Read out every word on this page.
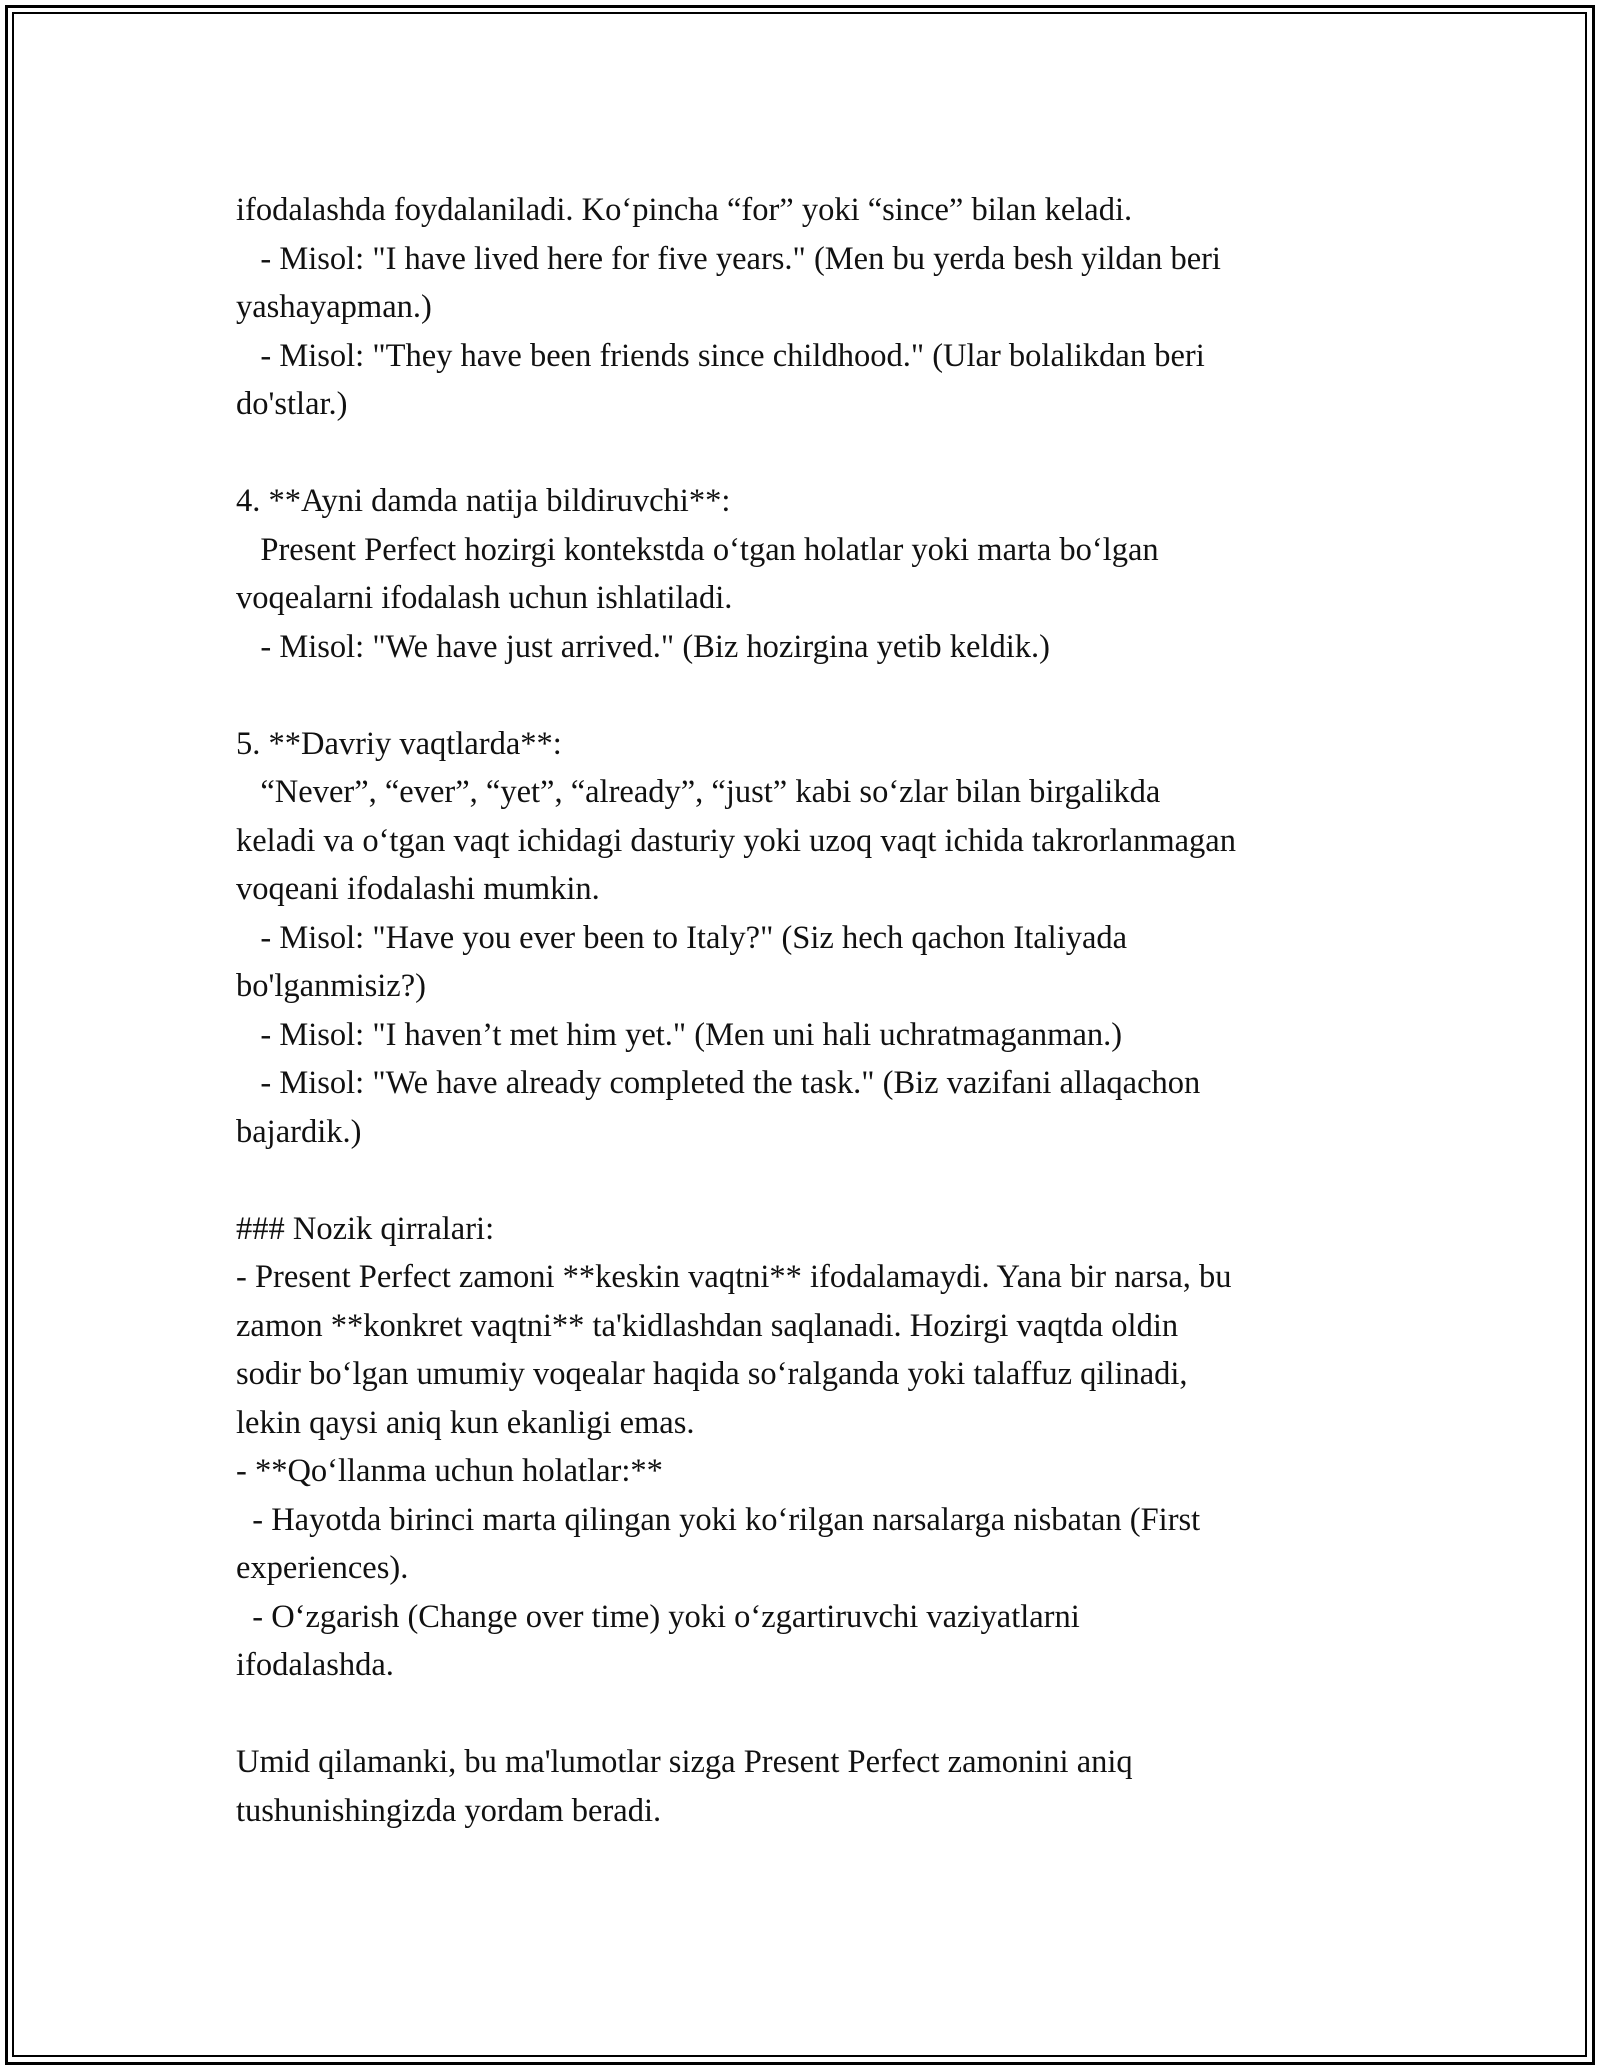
ifodalashda foydalaniladi. Ko‘pincha “for” yoki “since” bilan keladi.
- Misol: "I have lived here for five years." (Men bu yerda besh yildan beri
yashayapman.)
- Misol: "They have been friends since childhood." (Ular bolalikdan beri
do'stlar.)
4. **Ayni damda natija bildiruvchi**:
Present Perfect hozirgi kontekstda o‘tgan holatlar yoki marta bo‘lgan
voqealarni ifodalash uchun ishlatiladi.
- Misol: "We have just arrived." (Biz hozirgina yetib keldik.)
5. **Davriy vaqtlarda**:
“Never”, “ever”, “yet”, “already”, “just” kabi so‘zlar bilan birgalikda
keladi va o‘tgan vaqt ichidagi dasturiy yoki uzoq vaqt ichida takrorlanmagan
voqeani ifodalashi mumkin.
- Misol: "Have you ever been to Italy?" (Siz hech qachon Italiyada
bo'lganmisiz?)
- Misol: "I haven’t met him yet." (Men uni hali uchratmaganman.)
- Misol: "We have already completed the task." (Biz vazifani allaqachon
bajardik.)
### Nozik qirralari:
- Present Perfect zamoni **keskin vaqtni** ifodalamaydi. Yana bir narsa, bu
zamon **konkret vaqtni** ta'kidlashdan saqlanadi. Hozirgi vaqtda oldin
sodir bo‘lgan umumiy voqealar haqida so‘ralganda yoki talaffuz qilinadi,
lekin qaysi aniq kun ekanligi emas.
- **Qo‘llanma uchun holatlar:**
- Hayotda birinci marta qilingan yoki ko‘rilgan narsalarga nisbatan (First
experiences).
- O‘zgarish (Change over time) yoki o‘zgartiruvchi vaziyatlarni
ifodalashda.
Umid qilamanki, bu ma'lumotlar sizga Present Perfect zamonini aniq
tushunishingizda yordam beradi.
